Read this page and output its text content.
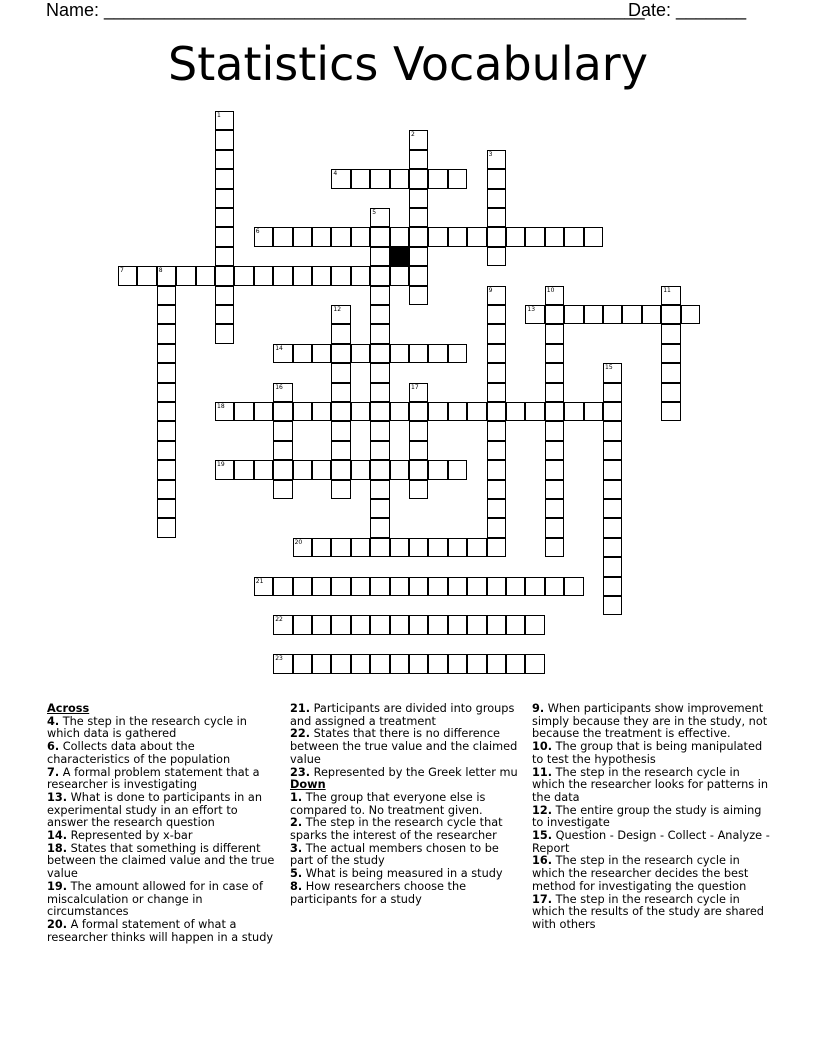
Name: ______________________________________________________
Date: _______
Statistics Vocabulary
4
6
7	8
13
14
18
19
20
21
22
23
1
2
3
5
9	10	11
12
15
16	17
Across

4. The step in the research cycle in which data is gathered

6. Collects data about the characteristics of the population

7. A formal problem statement that a researcher is investigating

13. What is done to participants in an experimental study in an effort to answer the research question

14. Represented by x-bar

18. States that something is different between the claimed value and the true value

19. The amount allowed for in case of miscalculation or change in circumstances

20. A formal statement of what a researcher thinks will happen in a study

21. Participants are divided into groups and assigned a treatment

22. States that there is no difference between the true value and the claimed value

23. Represented by the Greek letter mu

Down

1. The group that everyone else is compared to. No treatment given.

2. The step in the research cycle that sparks the interest of the researcher

3. The actual members chosen to be part of the study

5. What is being measured in a study

8. How researchers choose the participants for a study

9. When participants show improvement simply because they are in the study, not because the treatment is effective.

10. The group that is being manipulated to test the hypothesis

11. The step in the research cycle in which the researcher looks for patterns in the data

12. The entire group the study is aiming to investigate

15. Question - Design - Collect - Analyze - Report

16. The step in the research cycle in which the researcher decides the best method for investigating the question

17. The step in the research cycle in which the results of the study are shared with others
